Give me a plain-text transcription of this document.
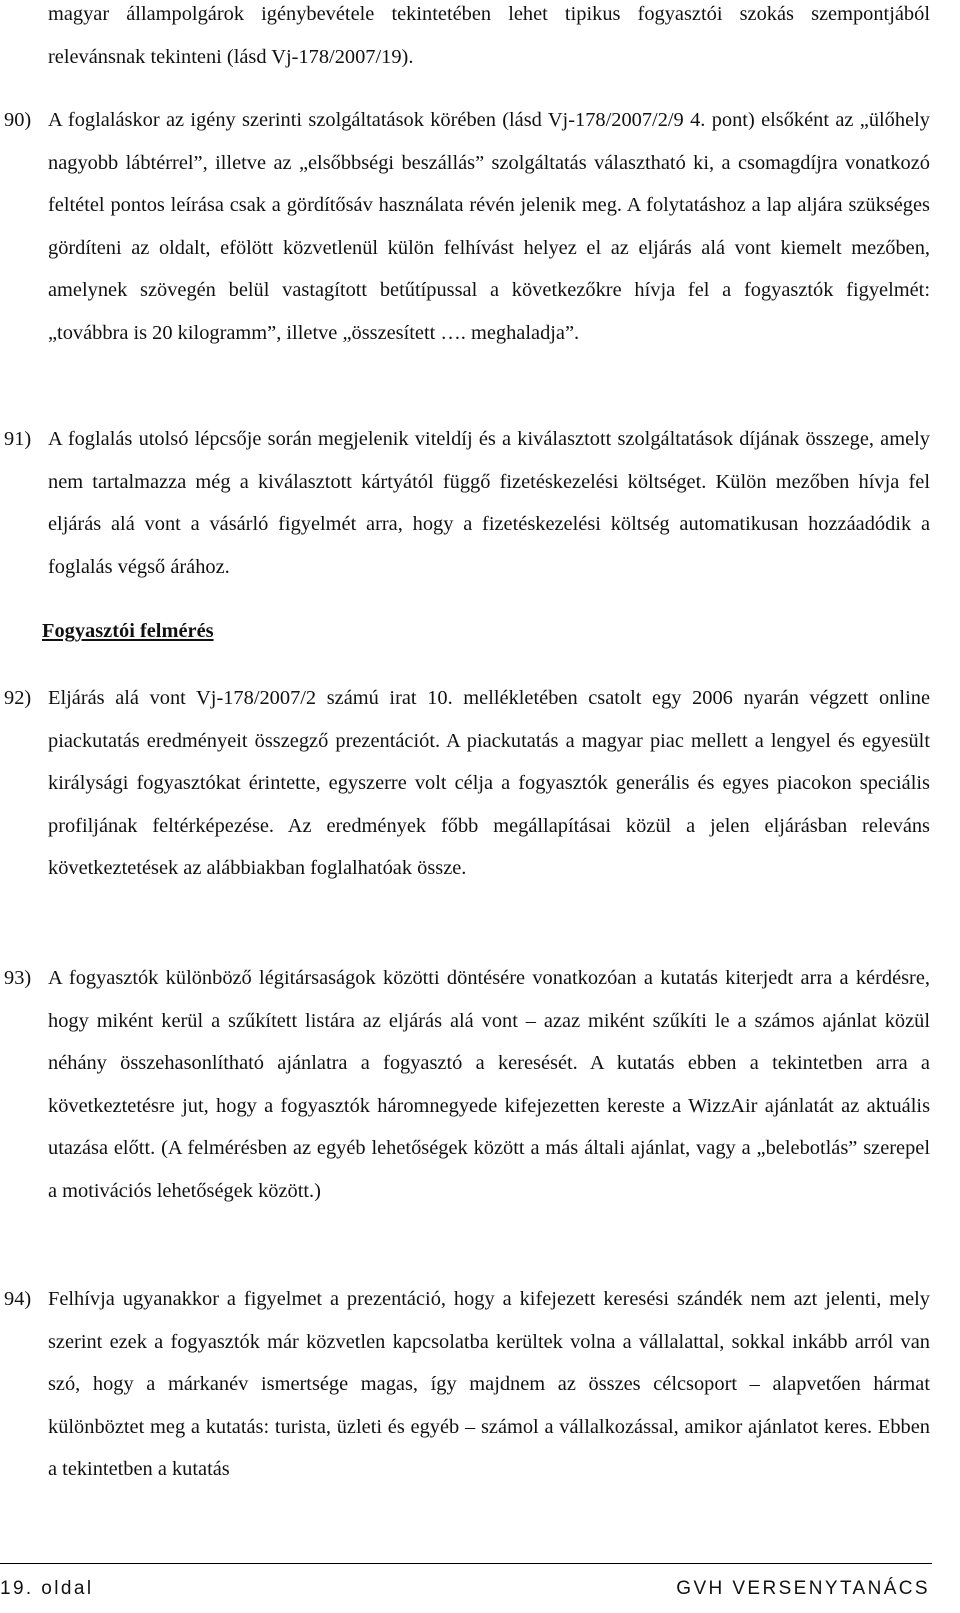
magyar állampolgárok igénybevétele tekintetében lehet tipikus fogyasztói szokás szempontjából relevánsnak tekinteni (lásd Vj-178/2007/19).
90) A foglaláskor az igény szerinti szolgáltatások körében (lásd Vj-178/2007/2/9 4. pont) elsőként az „ülőhely nagyobb lábtérrel”, illetve az „elsőbbségi beszállás” szolgáltatás választható ki, a csomagdíjra vonatkozó feltétel pontos leírása csak a gördítősáv használata révén jelenik meg. A folytatáshoz a lap aljára szükséges gördíteni az oldalt, efölött közvetlenül külön felhívást helyez el az eljárás alá vont kiemelt mezőben, amelynek szövegén belül vastagított betűtípussal a következőkre hívja fel a fogyasztók figyelmét: „továbbra is 20 kilogramm”, illetve „összesített …. meghaladja”.
91) A foglalás utolsó lépcsője során megjelenik viteldíj és a kiválasztott szolgáltatások díjának összege, amely nem tartalmazza még a kiválasztott kártyától függő fizetéskezelési költséget. Külön mezőben hívja fel eljárás alá vont a vásárló figyelmét arra, hogy a fizetéskezelési költség automatikusan hozzáadódik a foglalás végső árához.
Fogyasztói felmérés
92) Eljárás alá vont Vj-178/2007/2 számú irat 10. mellékletében csatolt egy 2006 nyarán végzett online piackutatás eredményeit összegző prezentációt. A piackutatás a magyar piac mellett a lengyel és egyesült királysági fogyasztókat érintette, egyszerre volt célja a fogyasztók generális és egyes piacokon speciális profiljának feltérképezése. Az eredmények főbb megállapításai közül a jelen eljárásban releváns következtetések az alábbiakban foglalhatóak össze.
93) A fogyasztók különböző légitársaságok közötti döntésére vonatkozóan a kutatás kiterjedt arra a kérdésre, hogy miként kerül a szűkített listára az eljárás alá vont – azaz miként szűkíti le a számos ajánlat közül néhány összehasonlítható ajánlatra a fogyasztó a keresését. A kutatás ebben a tekintetben arra a következtetésre jut, hogy a fogyasztók háromnegyede kifejezetten kereste a WizzAir ajánlatát az aktuális utazása előtt. (A felmérésben az egyéb lehetőségek között a más általi ajánlat, vagy a „belebotlás” szerepel a motivációs lehetőségek között.)
94) Felhívja ugyanakkor a figyelmet a prezentáció, hogy a kifejezett keresési szándék nem azt jelenti, mely szerint ezek a fogyasztók már közvetlen kapcsolatba kerültek volna a vállalattal, sokkal inkább arról van szó, hogy a márkanév ismertsége magas, így majdnem az összes célcsoport – alapvetően hármat különböztet meg a kutatás: turista, üzleti és egyéb – számol a vállalkozással, amikor ajánlatot keres. Ebben a tekintetben a kutatás
19. oldal	GVH VERSENYTANÁCS
